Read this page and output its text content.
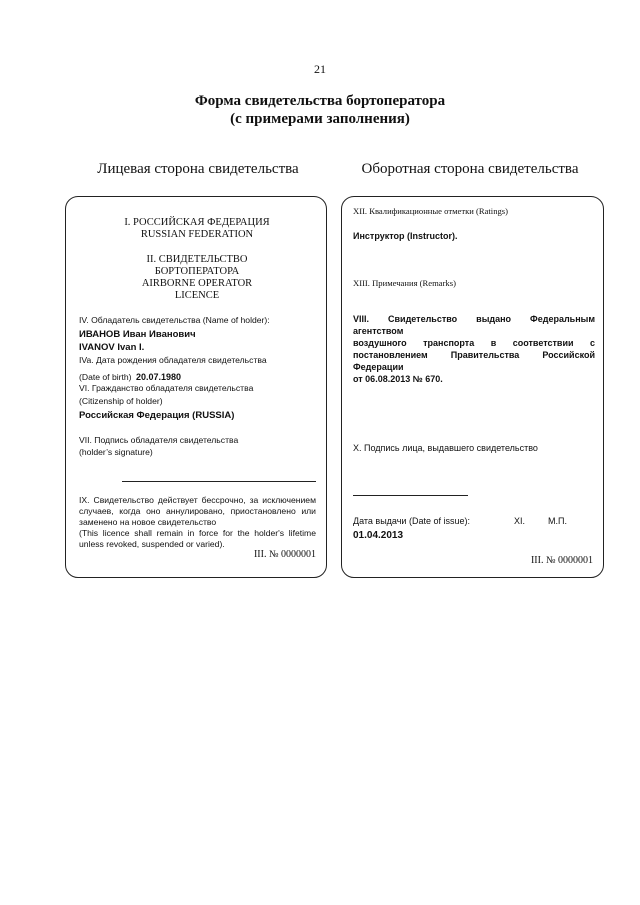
21
Форма свидетельства бортоператора
(с примерами заполнения)
Лицевая сторона свидетельства	Оборотная сторона свидетельства
I. РОССИЙСКАЯ ФЕДЕРАЦИЯ
RUSSIAN FEDERATION
II. СВИДЕТЕЛЬСТВО
БОРТОПЕРАТОРА
AIRBORNE OPERATOR
LICENCE
IV. Обладатель свидетельства (Name of holder):
ИВАНОВ Иван Иванович
IVANOV Ivan I.
IVa. Дата рождения обладателя свидетельства
(Date of birth) 20.07.1980
VI. Гражданство обладателя свидетельства
(Citizenship of holder)
Российская Федерация (RUSSIA)
VII. Подпись обладателя свидетельства
(holder’s signature)
IX. Свидетельство действует бессрочно, за исключением
случаев, когда оно аннулировано, приостановлено или
заменено на новое свидетельство
(This licence shall remain in force for the holder's lifetime
unless revoked, suspended or varied).
III. № 0000001
XII. Квалификационные отметки (Ratings)
Инструктор (Instructor).
XIII. Примечания (Remarks)
VIII. Свидетельство выдано Федеральным агентством
воздушного транспорта в соответствии с
постановлением Правительства Российской Федерации
от 06.08.2013 № 670.
X. Подпись лица, выдавшего свидетельство
Дата выдачи (Date of issue):
01.04.2013
XI.	М.П.
III. № 0000001
